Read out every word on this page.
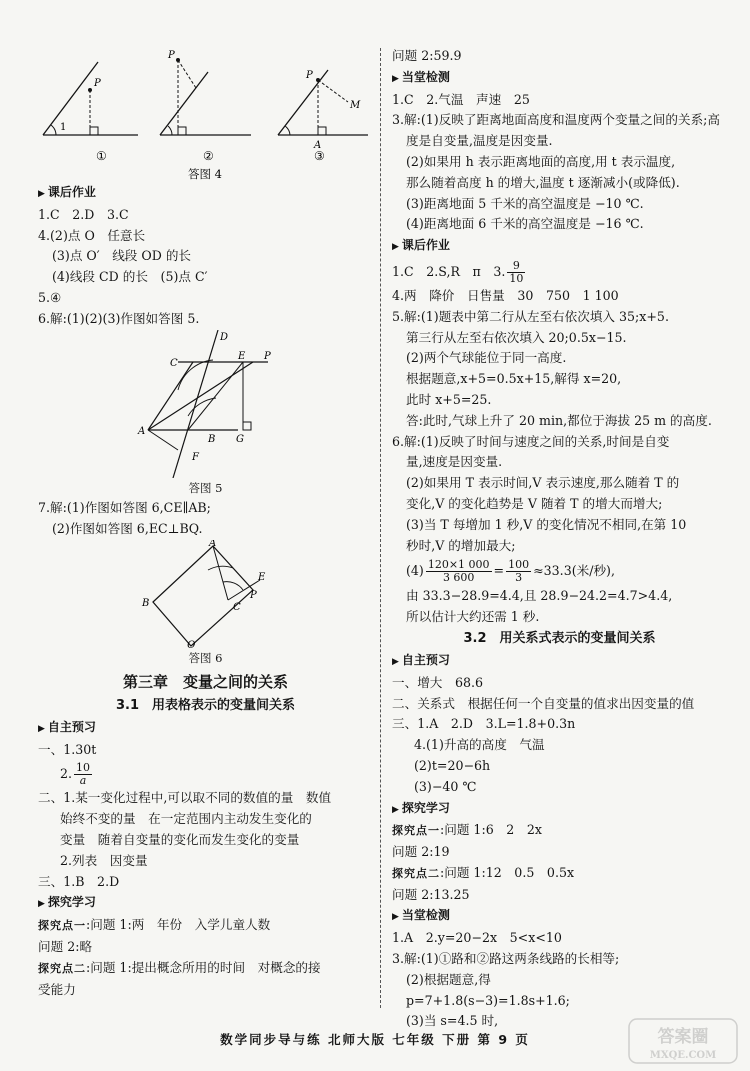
P
1
①
P
②
P
M
A
③
答图 4
▶ 课后作业
1.C　2.D　3.C
4.(2)点 O　任意长
(3)点 O′　线段 OD 的长
(4)线段 CD 的长　(5)点 C′
5.④
6.解:(1)(2)(3)作图如答图 5.
D
C
E P
A
B G
F
答图 5
7.解:(1)作图如答图 6,CE∥AB;
(2)作图如答图 6,EC⊥BQ.
A
B	C
E
P
Q
答图 6
第三章　变量之间的关系
3.1　用表格表示的变量间关系
▶ 自主预习
一、1.30t
2. $\frac{10}{a}$
二、1.某一变化过程中,可以取不同的数值的量　数值
始终不变的量　在一定范围内主动发生变化的
变量　随着自变量的变化而发生变化的变量
2.列表　因变量
三、1.B　2.D
▶ 探究学习
探究点一:问题 1:两　年份　入学儿童人数
问题 2:略
探究点二:问题 1:提出概念所用的时间　对概念的接
受能力
问题 2:59.9
▶ 当堂检测
1.C　2.气温　声速　25
3.解:(1)反映了距离地面高度和温度两个变量之间的关系;高
度是自变量,温度是因变量.
(2)如果用 h 表示距离地面的高度,用 t 表示温度,
那么随着高度 h 的增大,温度 t 逐渐减小(或降低).
(3)距离地面 5 千米的高空温度是 −10 ℃.
(4)距离地面 6 千米的高空温度是 −16 ℃.
▶ 课后作业
1.C　2.S,R　π　3. $\frac{9}{10}$
4.两　降价　日售量　30　750　1 100
5.解:(1)题表中第二行从左至右依次填入 35;x+5.
第三行从左至右依次填入 20;0.5x−15.
(2)两个气球能位于同一高度.
根据题意,x+5=0.5x+15,解得 x=20,
此时 x+5=25.
答:此时,气球上升了 20 min,都位于海拔 25 m 的高度.
6.解:(1)反映了时间与速度之间的关系,时间是自变
量,速度是因变量.
(2)如果用 T 表示时间,V 表示速度,那么随着 T 的
变化,V 的变化趋势是 V 随着 T 的增大而增大;
(3)当 T 每增加 1 秒,V 的变化情况不相同,在第 10
秒时,V 的增加最大;
$(4) \frac{120\times 1 000}{3 600} = \frac{100}{3} \approx 33.3$(米/秒),
由 33.3−28.9=4.4,且 28.9−24.2=4.7>4.4,
所以估计大约还需 1 秒.
3.2　用关系式表示的变量间关系
▶ 自主预习
一、增大　68.6
二、关系式　根据任何一个自变量的值求出因变量的值
三、1.A　2.D　3.L=1.8+0.3n
4.(1)升高的高度　气温
(2)t=20−6h
(3)−40 ℃
▶ 探究学习
探究点一:问题 1:6　2　2x
问题 2:19
探究点二:问题 1:12　0.5　0.5x
问题 2:13.25
▶ 当堂检测
1.A　2.y=20−2x　5<x<10
3.解:(1)①路和②路这两条线路的长相等;
(2)根据题意,得
p=7+1.8(s−3)=1.8s+1.6;
(3)当 s=4.5 时,
数学同步导与练 北师大版 七年级 下册 第 9 页	答案圈
MXQE.COM
